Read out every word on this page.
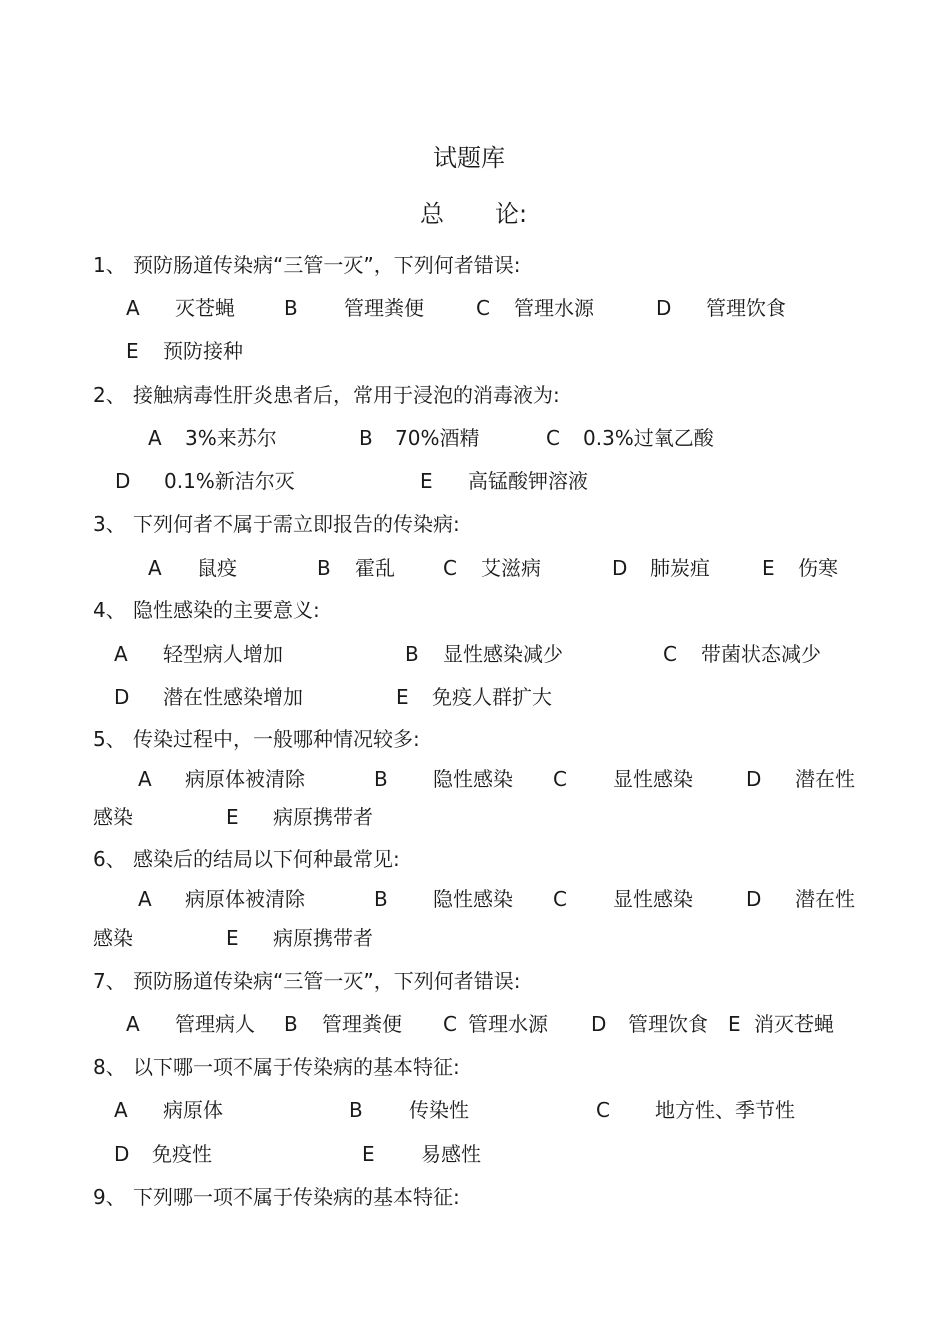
试题库
总 论:
1、 预防肠道传染病“三管一灭”，下列何者错误:
A 灭苍蝇 B 管理粪便	C 管理水源	D 管理饮食
E 预防接种
2、 接触病毒性肝炎患者后，常用于浸泡的消毒液为:
A 3%来苏尔	B 70%酒精	C 0.3%过氧乙酸
D 0.1%新洁尔灭	E 高锰酸钾溶液
3、 下列何者不属于需立即报告的传染病:
A 鼠疫	B 霍乱 C 艾滋病	D 肺炭疽	E 伤寒
4、 隐性感染的主要意义:
A 轻型病人增加	B 显性感染减少	C 带菌状态减少
D 潜在性感染增加	E 免疫人群扩大
5、 传染过程中，一般哪种情况较多:
A 病原体被清除	B 隐性感染 C 显性感染	D 潜在性
感染	E 病原携带者
6、 感染后的结局以下何种最常见:
A 病原体被清除	B 隐性感染 C 显性感染	D 潜在性
感染	E 病原携带者
7、 预防肠道传染病“三管一灭”，下列何者错误:
A 管理病人 B 管理粪便 C 管理水源 D 管理饮食 E 消灭苍蝇
8、 以下哪一项不属于传染病的基本特征:
A 病原体	B 传染性	C 地方性、季节性
D 免疫性	E 易感性
9、 下列哪一项不属于传染病的基本特征:
